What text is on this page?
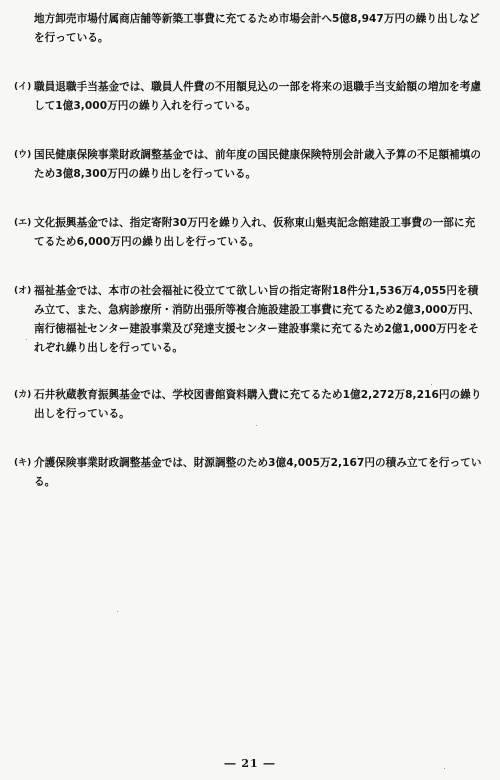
地方卸売市場付属商店舗等新築工事費に充てるため市場会計へ5億8,947万円の繰り出しなどを行っている。

(イ) 職員退職手当基金では、職員人件費の不用額見込の一部を将来の退職手当支給額の増加を考慮して1億3,000万円の繰り入れを行っている。
(ウ) 国民健康保険事業財政調整基金では、前年度の国民健康保険特別会計歳入予算の不足額補填のため3億8,300万円の繰り出しを行っている。
(エ) 文化振興基金では、指定寄附30万円を繰り入れ、仮称東山魁夷記念館建設工事費の一部に充てるため6,000万円の繰り出しを行っている。
(オ) 福祉基金では、本市の社会福祉に役立てて欲しい旨の指定寄附18件分1,536万4,055円を積み立て、また、急病診療所・消防出張所等複合施設建設工事費に充てるため2億3,000万円、南行徳福祉センター建設事業及び発達支援センター建設事業に充てるため2億1,000万円をそれぞれ繰り出しを行っている。
(カ) 石井秋蔵教育振興基金では、学校図書館資料購入費に充てるため1億2,272万8,216円の繰り出しを行っている。
(キ) 介護保険事業財政調整基金では、財源調整のため3億4,005万2,167円の積み立てを行っている。
― 21 ―
